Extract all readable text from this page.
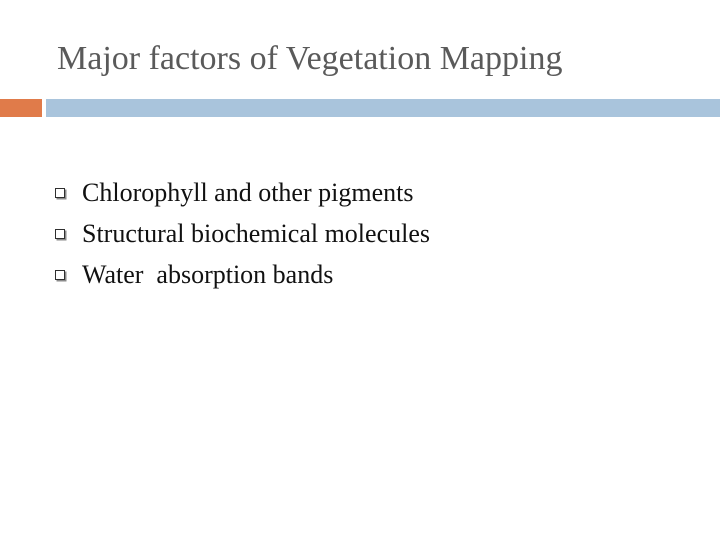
Major factors of Vegetation Mapping
Chlorophyll and other pigments
Structural biochemical molecules
Water  absorption bands
